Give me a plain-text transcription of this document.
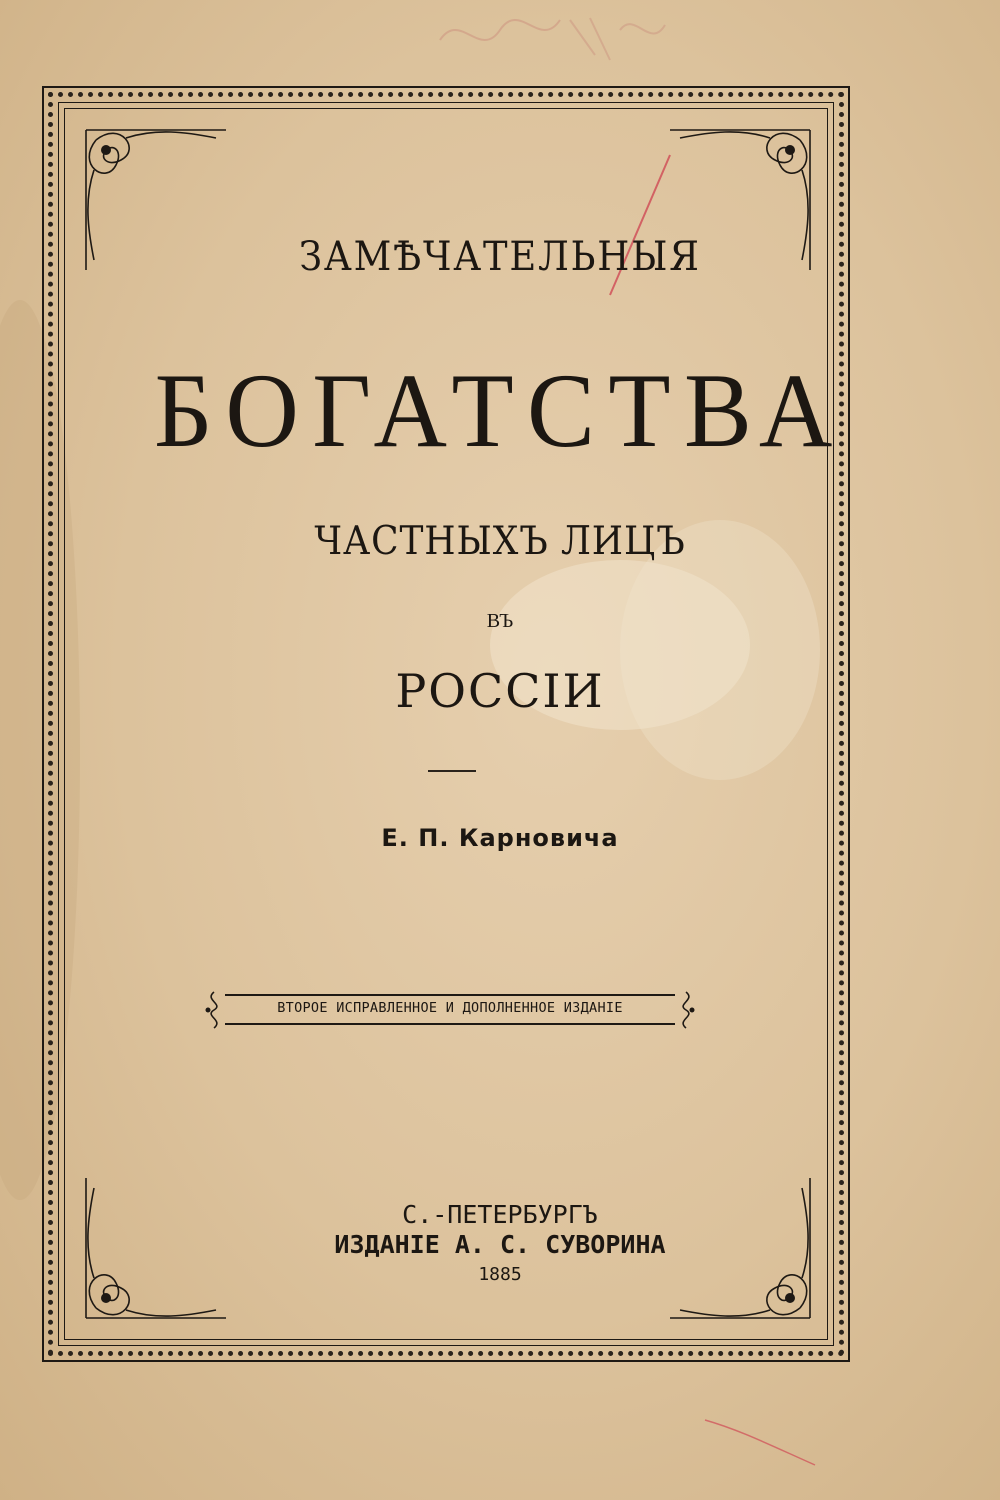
ЗАМѢЧАТЕЛЬНЫЯ
БОГАТСТВА
ЧАСТНЫХЪ ЛИЦЪ
ВЪ
РОССІИ
Е. П. Карновича
ВТОРОЕ ИСПРАВЛЕННОЕ И ДОПОЛНЕННОЕ ИЗДАНІЕ
С.-ПЕТЕРБУРГЪ
ИЗДАНІЕ А. С. СУВОРИНА
1885
